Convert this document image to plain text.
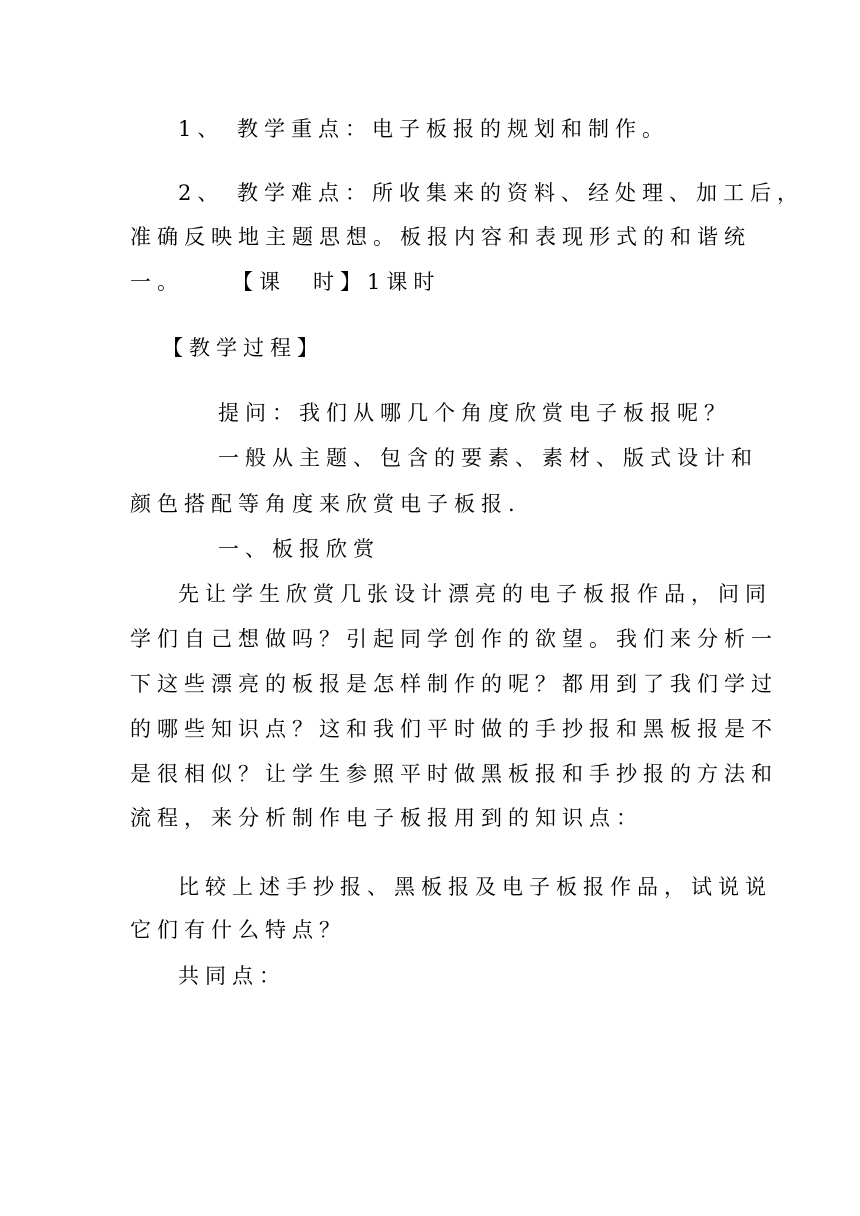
1、 教学重点：电子板报的规划和制作。
2、 教学难点：所收集来的资料、经处理、加工后，
准确反映地主题思想。板报内容和表现形式的和谐统
一。 【课　时】1课时
【教学过程】
提问：我们从哪几个角度欣赏电子板报呢？
一般从主题、包含的要素、素材、版式设计和
颜色搭配等角度来欣赏电子板报.
一、板报欣赏
先让学生欣赏几张设计漂亮的电子板报作品，问同
学们自己想做吗？引起同学创作的欲望。我们来分析一
下这些漂亮的板报是怎样制作的呢？都用到了我们学过
的哪些知识点？这和我们平时做的手抄报和黑板报是不
是很相似？让学生参照平时做黑板报和手抄报的方法和
流程，来分析制作电子板报用到的知识点：
比较上述手抄报、黑板报及电子板报作品，试说说
它们有什么特点？
共同点：
